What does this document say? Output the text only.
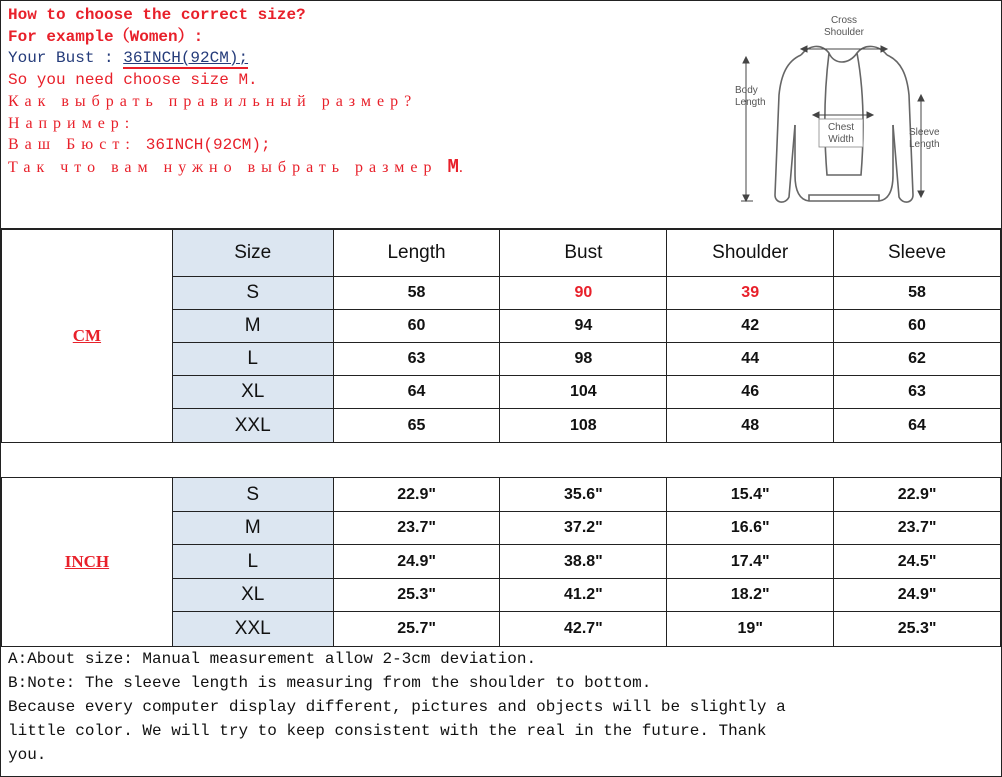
How to choose the correct size?
For example（Women）:
Your Bust : 36INCH(92CM);
So you need choose size M.
Как выбрать правильный размер?
Например:
Ваш Бюст: 36INCH(92CM);
Так что вам нужно выбрать размер M.
Cross
Shoulder
Body
Length
Chest
Width
Sleeve
Length
CM	Size	Length	Bust	Shoulder	Sleeve
	S	58	90	39	58
	M	60	94	42	60
	L	63	98	44	62
	XL	64	104	46	63
	XXL	65	108	48	64
INCH	S	22.9"	35.6"	15.4"	22.9"
	M	23.7"	37.2"	16.6"	23.7"
	L	24.9"	38.8"	17.4"	24.5"
	XL	25.3"	41.2"	18.2"	24.9"
	XXL	25.7"	42.7"	19"	25.3"
A:About size: Manual measurement allow 2-3cm deviation.
B:Note: The sleeve length is measuring from the shoulder to bottom.
Because every computer display different, pictures and objects will be slightly a
little color. We will try to keep consistent with the real in the future. Thank
you.
